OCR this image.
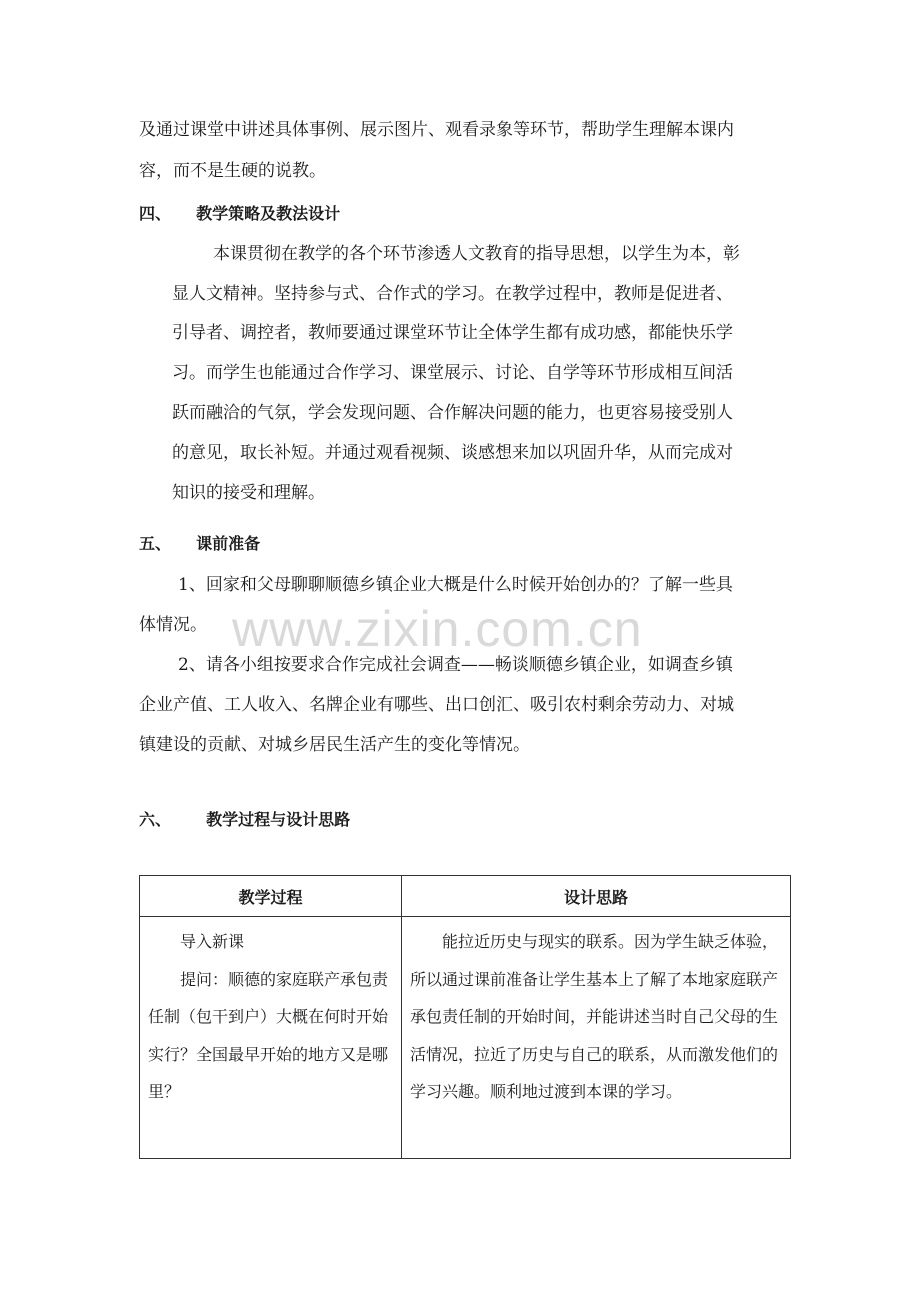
www.zixin.com.cn
及通过课堂中讲述具体事例、展示图片、观看录象等环节，帮助学生理解本课内
容，而不是生硬的说教。
四、 教学策略及教法设计
本课贯彻在教学的各个环节渗透人文教育的指导思想，以学生为本，彰
显人文精神。坚持参与式、合作式的学习。在教学过程中，教师是促进者、
引导者、调控者，教师要通过课堂环节让全体学生都有成功感，都能快乐学
习。而学生也能通过合作学习、课堂展示、讨论、自学等环节形成相互间活
跃而融洽的气氛，学会发现问题、合作解决问题的能力，也更容易接受别人
的意见，取长补短。并通过观看视频、谈感想来加以巩固升华，从而完成对
知识的接受和理解。
五、 课前准备
1、回家和父母聊聊顺德乡镇企业大概是什么时候开始创办的？了解一些具
体情况。
2、请各小组按要求合作完成社会调查——畅谈顺德乡镇企业，如调查乡镇
企业产值、工人收入、名牌企业有哪些、出口创汇、吸引农村剩余劳动力、对城
镇建设的贡献、对城乡居民生活产生的变化等情况。
六、 教学过程与设计思路
教学过程	设计思路

导入新课

提问：顺德的家庭联产承包责任制（包干到户）大概在何时开始实行？全国最早开始的地方又是哪里？	能拉近历史与现实的联系。因为学生缺乏体验，所以通过课前准备让学生基本上了解了本地家庭联产承包责任制的开始时间，并能讲述当时自己父母的生活情况，拉近了历史与自己的联系，从而激发他们的学习兴趣。顺利地过渡到本课的学习。
